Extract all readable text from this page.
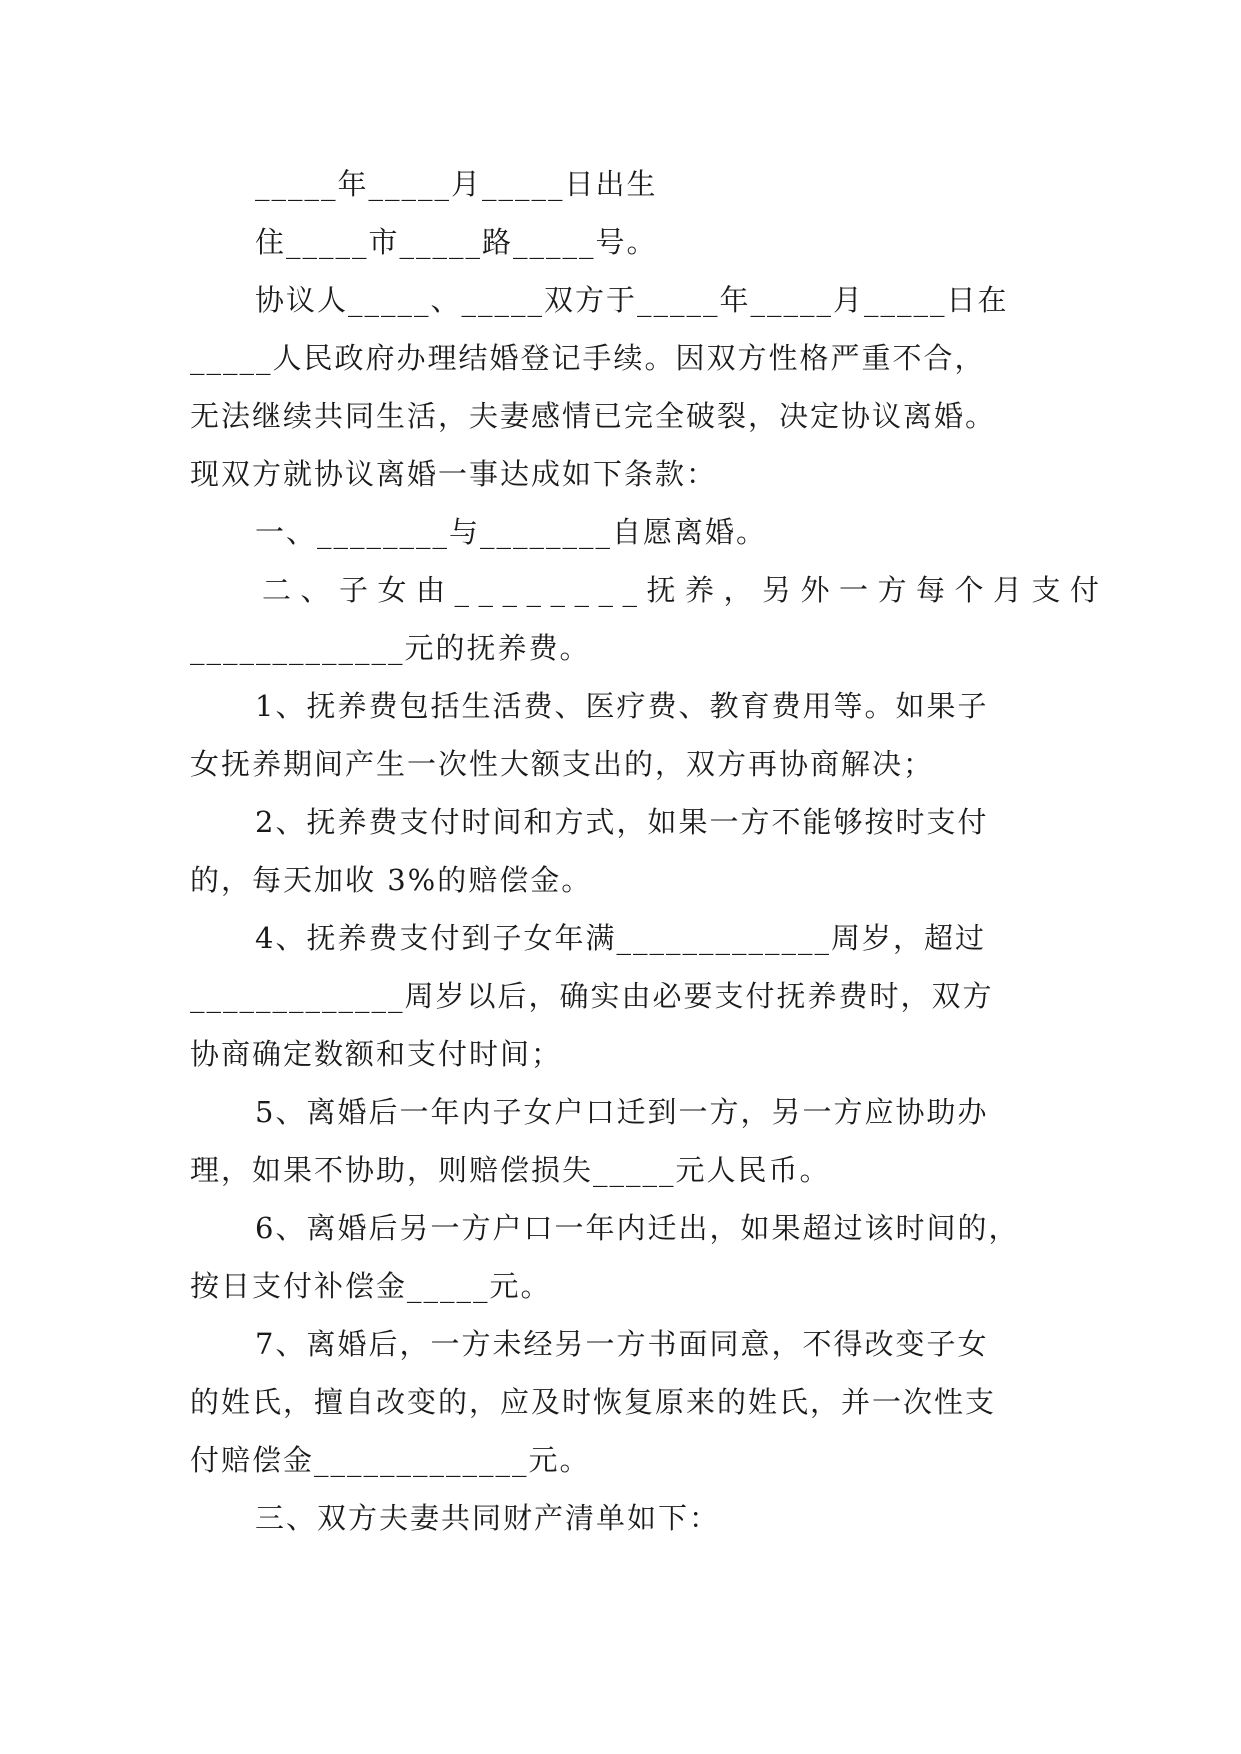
_____年_____月_____日出生
住_____市_____路_____号。
协议人_____、_____双方于_____年_____月_____日在
_____人民政府办理结婚登记手续。因双方性格严重不合，
无法继续共同生活，夫妻感情已完全破裂，决定协议离婚。
现双方就协议离婚一事达成如下条款：
一、________与________自愿离婚。
二、子女由________抚养，另外一方每个月支付
_____________元的抚养费。
1、抚养费包括生活费、医疗费、教育费用等。如果子
女抚养期间产生一次性大额支出的，双方再协商解决；
2、抚养费支付时间和方式，如果一方不能够按时支付
的，每天加收 3%的赔偿金。
4、抚养费支付到子女年满_____________周岁，超过
_____________周岁以后，确实由必要支付抚养费时，双方
协商确定数额和支付时间；
5、离婚后一年内子女户口迁到一方，另一方应协助办
理，如果不协助，则赔偿损失_____元人民币。
6、离婚后另一方户口一年内迁出，如果超过该时间的，
按日支付补偿金_____元。
7、离婚后，一方未经另一方书面同意，不得改变子女
的姓氏，擅自改变的，应及时恢复原来的姓氏，并一次性支
付赔偿金_____________元。
三、双方夫妻共同财产清单如下：
